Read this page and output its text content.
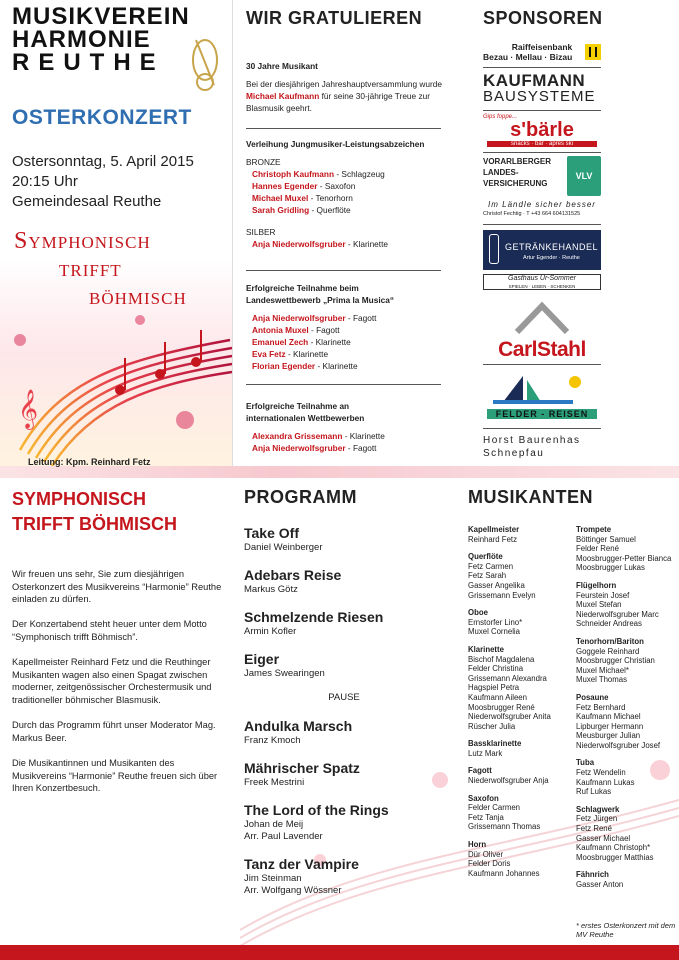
𝄞
MUSIKVEREIN
HARMONIE
REUTHE
OSTERKONZERT
Ostersonntag, 5. April 2015
20:15 Uhr
Gemeindesaal Reuthe
Symphonisch
trifft
böhmisch
Leitung: Kpm. Reinhard Fetz
WIR GRATULIEREN
30 Jahre Musikant
Bei der diesjährigen Jahreshauptversammlung wurde Michael Kaufmann für seine 30-jährige Treue zur Blasmusik geehrt.
Verleihung Jungmusiker-Leistungsabzeichen
BRONZE
Christoph Kaufmann - Schlagzeug
Hannes Egender - Saxofon
Michael Muxel - Tenorhorn
Sarah Gridling - Querflöte
SILBER
Anja Niederwolfsgruber - Klarinette
Erfolgreiche Teilnahme beim
Landeswettbewerb „Prima la Musica“
Anja Niederwolfsgruber - Fagott
Antonia Muxel - Fagott
Emanuel Zech - Klarinette
Eva Fetz - Klarinette
Florian Egender - Klarinette
Erfolgreiche Teilnahme an
internationalen Wettbewerben
Alexandra Grissemann - Klarinette
Anja Niederwolfsgruber - Fagott
SPONSOREN
Raiffeisenbank
Bezau · Mellau · Bizau
KAUFMANN
BAUSYSTEME
Gips foppe...
s'bärle
snacks · bar · apres ski
VORARLBERGER
LANDES-
VERSICHERUNG
VLV
Im Ländle sicher besser
Christof Fechtig · T +43 664 604131525
GETRÄNKEHANDEL
Artur Egender · Reuthe
Gasthaus Ur-Sommer
SPIELEN · LEBEN · SCHENKEN
CarlStahl
FELDER - REISEN
Horst Baurenhas
Schnepfau
SYMPHONISCH
TRIFFT BÖHMISCH

Wir freuen uns sehr, Sie zum diesjährigen Osterkonzert des Musikvereins “Harmonie” Reuthe einladen zu dürfen.

Der Konzertabend steht heuer unter dem Motto “Symphonisch trifft Böhmisch”.

Kapellmeister Reinhard Fetz und die Reuthinger Musikanten wagen also einen Spagat zwischen moderner, zeitgenössischer Orchestermusik und traditioneller böhmischer Blasmusik.

Durch das Programm führt unser Moderator Mag. Markus Beer.

Die Musikantinnen und Musikanten des Musikvereins “Harmonie” Reuthe freuen sich über Ihren Konzertbesuch.

PROGRAMM
Take Off
Daniel Weinberger
Adebars Reise
Markus Götz
Schmelzende Riesen
Armin Kofler
Eiger
James Swearingen
PAUSE
Andulka Marsch
Franz Kmoch
Mährischer Spatz
Freek Mestrini
The Lord of the Rings
Johan de Meij
Arr. Paul Lavender
Tanz der Vampire
Jim Steinman
Arr. Wolfgang Wössner
MUSIKANTEN
Kapellmeister
Reinhard Fetz
Querflöte
Fetz Carmen
Fetz Sarah
Gasser Angelika
Grissemann Evelyn
Oboe
Ernstorfer Lino*
Muxel Cornelia
Klarinette
Bischof Magdalena
Felder Christina
Grissemann Alexandra
Hagspiel Petra
Kaufmann Aileen
Moosbrugger René
Niederwolfsgruber Anita
Rüscher Julia
Bassklarinette
Lutz Mark
Fagott
Niederwolfsgruber Anja
Saxofon
Felder Carmen
Fetz Tanja
Grissemann Thomas
Horn
Dür Oliver
Felder Doris
Kaufmann Johannes
Trompete
Böttinger Samuel
Felder René
Moosbrugger-Petter Bianca
Moosbrugger Lukas
Flügelhorn
Feurstein Josef
Muxel Stefan
Niederwolfsgruber Marc
Schneider Andreas
Tenorhorn/Bariton
Goggele Reinhard
Moosbrugger Christian
Muxel Michael*
Muxel Thomas
Posaune
Fetz Bernhard
Kaufmann Michael
Lipburger Hermann
Meusburger Julian
Niederwolfsgruber Josef
Tuba
Fetz Wendelin
Kaufmann Lukas
Ruf Lukas
Schlagwerk
Fetz Jürgen
Fetz René
Gasser Michael
Kaufmann Christoph*
Moosbrugger Matthias
Fähnrich
Gasser Anton
* erstes Osterkonzert mit dem MV Reuthe
